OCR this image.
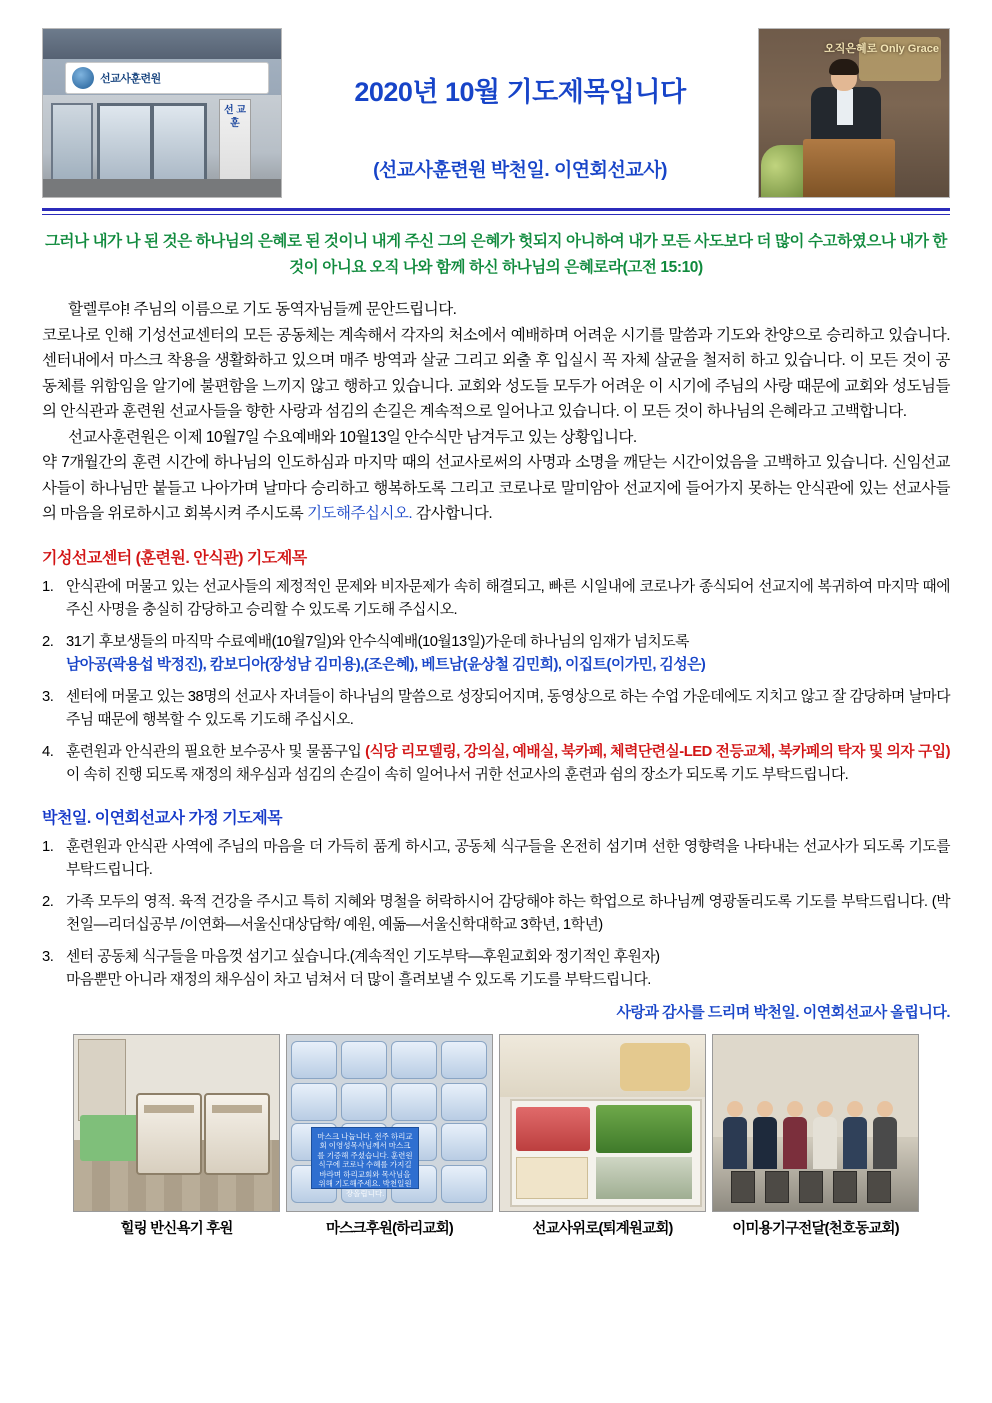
선교사훈련원
선 교 훈
2020년 10월 기도제목입니다
(선교사훈련원 박천일. 이연회선교사)
오직은혜로 Only Grace
그러나 내가 나 된 것은 하나님의 은혜로 된 것이니 내게 주신 그의 은혜가 헛되지 아니하여 내가 모든 사도보다 더 많이 수고하였으나 내가 한 것이 아니요 오직 나와 함께 하신 하나님의 은혜로라(고전 15:10)

할렐루야! 주님의 이름으로 기도 동역자님들께 문안드립니다.

코로나로 인해 기성선교센터의 모든 공동체는 계속해서 각자의 처소에서 예배하며 어려운 시기를 말씀과 기도와 찬양으로 승리하고 있습니다. 센터내에서 마스크 착용을 생활화하고 있으며 매주 방역과 살균 그리고 외출 후 입실시 꼭 자체 살균을 철저히 하고 있습니다. 이 모든 것이 공동체를 위함임을 알기에 불편함을 느끼지 않고 행하고 있습니다. 교회와 성도들 모두가 어려운 이 시기에 주님의 사랑 때문에 교회와 성도님들의 안식관과 훈련원 선교사들을 향한 사랑과 섬김의 손길은 계속적으로 일어나고 있습니다. 이 모든 것이 하나님의 은혜라고 고백합니다.

선교사훈련원은 이제 10월7일 수요예배와 10월13일 안수식만 남겨두고 있는 상황입니다.

약 7개월간의 훈련 시간에 하나님의 인도하심과 마지막 때의 선교사로써의 사명과 소명을 깨닫는 시간이었음을 고백하고 있습니다. 신임선교사들이 하나님만 붙들고 나아가며 날마다 승리하고 행복하도록 그리고 코로나로 말미암아 선교지에 들어가지 못하는 안식관에 있는 선교사들의 마음을 위로하시고 회복시켜 주시도록 기도해주십시오. 감사합니다.

기성선교센터 (훈련원. 안식관) 기도제목
1. 안식관에 머물고 있는 선교사들의 제정적인 문제와 비자문제가 속히 해결되고, 빠른 시일내에 코로나가 종식되어 선교지에 복귀하여 마지막 때에 주신 사명을 충실히 감당하고 승리할 수 있도록 기도해 주십시오.
2. 31기 후보생들의 마직막 수료예배(10월7일)와 안수식예배(10월13일)가운데 하나님의 임재가 넘치도록
남아공(곽용섭 박정진), 캄보디아(장성남 김미용),(조은혜), 베트남(윤상철 김민희), 이집트(이가민, 김성은)
3. 센터에 머물고 있는 38명의 선교사 자녀들이 하나님의 말씀으로 성장되어지며, 동영상으로 하는 수업 가운데에도 지치고 않고 잘 감당하며 날마다 주님 때문에 행복할 수 있도록 기도해 주십시오.
4. 훈련원과 안식관의 필요한 보수공사 및 물품구입 (식당 리모델링, 강의실, 예배실, 북카페, 체력단련실-LED 전등교체, 북카페의 탁자 및 의자 구입)이 속히 진행 되도록 재정의 채우심과 섬김의 손길이 속히 일어나서 귀한 선교사의 훈련과 쉼의 장소가 되도록 기도 부탁드립니다.
박천일. 이연회선교사 가정 기도제목
1. 훈련원과 안식관 사역에 주님의 마음을 더 가득히 품게 하시고, 공동체 식구들을 온전히 섬기며 선한 영향력을 나타내는 선교사가 되도록 기도를 부탁드립니다.
2. 가족 모두의 영적. 육적 건강을 주시고 특히 지혜와 명철을 허락하시어 감당해야 하는 학업으로 하나님께 영광돌리도록 기도를 부탁드립니다. (박천일―리더십공부 /이연화―서울신대상담학/ 예원, 예돎―서울신학대학교 3학년, 1학년)
3. 센터 공동체 식구들을 마음껏 섬기고 싶습니다.(계속적인 기도부탁―후원교회와 정기적인 후원자)
마음뿐만 아니라 재정의 채우심이 차고 넘쳐서 더 많이 흘려보낼 수 있도록 기도를 부탁드립니다.
사랑과 감사를 드리며 박천일. 이연회선교사 올립니다.
힐링 반신욕기 후원
마스크 나눕니다. 전주 하리교회 이영성목사님께서 마스크를 기증해 주셨습니다. 훈련원 식구에 코로나 수혜를 가지길 바라며 하리교회와 목사님을 위해 기도해주세요. 박천일원장올립니다.
마스크후원(하리교회)	선교사위로(퇴계원교회)	이미용기구전달(천호동교회)
